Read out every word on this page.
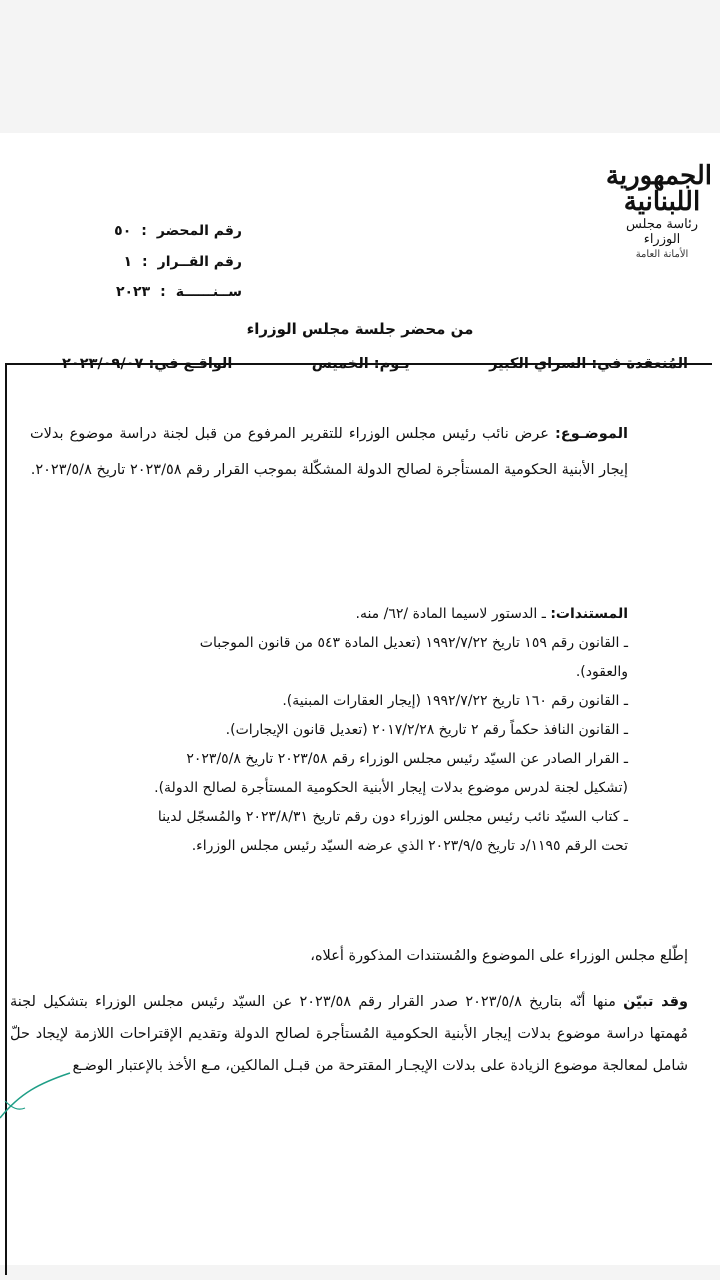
الجمهورية
اللبنانية
رئاسة مجلس الوزراء
الأمانة العامة
رقم المحضر
:
٥٠
رقم القــرار
:
١
ســنــــــة
:
٢٠٢٣
من محضر جلسة مجلس الوزراء
المُنعقدة في: السراي الكبير
يـوم: الخميس
الواقـع في: ٢٠٢٣/٠٩/٠٧
الموضـوع: عرض نائب رئيس مجلس الوزراء للتقرير المرفوع من قبل لجنة دراسة موضوع بدلات إيجار الأبنية الحكومية المستأجرة لصالح الدولة المشكّلة بموجب القرار رقم ٢٠٢٣/٥٨ تاريخ ٢٠٢٣/٥/٨.
المستندات: ـ الدستور لاسيما المادة /٦٢/ منه.
ـ القانون رقم ١٥٩ تاريخ ١٩٩٢/٧/٢٢ (تعديل المادة ٥٤٣ من قانون الموجبات
والعقود).
ـ القانون رقم ١٦٠ تاريخ ١٩٩٢/٧/٢٢ (إيجار العقارات المبنية).
ـ القانون النافذ حكماً رقم ٢ تاريخ ٢٠١٧/٢/٢٨ (تعديل قانون الإيجارات).
ـ القرار الصادر عن السيّد رئيس مجلس الوزراء رقم ٢٠٢٣/٥٨ تاريخ ٢٠٢٣/٥/٨
(تشكيل لجنة لدرس موضوع بدلات إيجار الأبنية الحكومية المستأجرة لصالح الدولة).
ـ كتاب السيّد نائب رئيس مجلس الوزراء دون رقم تاريخ ٢٠٢٣/٨/٣١ والمُسجّل لدينا
تحت الرقم ١١٩٥/د تاريخ ٢٠٢٣/٩/٥ الذي عرضه السيّد رئيس مجلس الوزراء.
إطّلع مجلس الوزراء على الموضوع والمُستندات المذكورة أعلاه،
وقد تبيّن منها أنّه بتاريخ ٢٠٢٣/٥/٨ صدر القرار رقم ٢٠٢٣/٥٨ عن السيّد رئيس مجلس الوزراء بتشكيل لجنة مُهمتها دراسة موضوع بدلات إيجار الأبنية الحكومية المُستأجرة لصالح الدولة وتقديم الإقتراحات اللازمة لإيجاد حلّ شامل لمعالجة موضوع الزيادة على بدلات الإيجـار المقترحة من قبـل المالكين، مـع الأخذ بالإعتبار الوضـع
